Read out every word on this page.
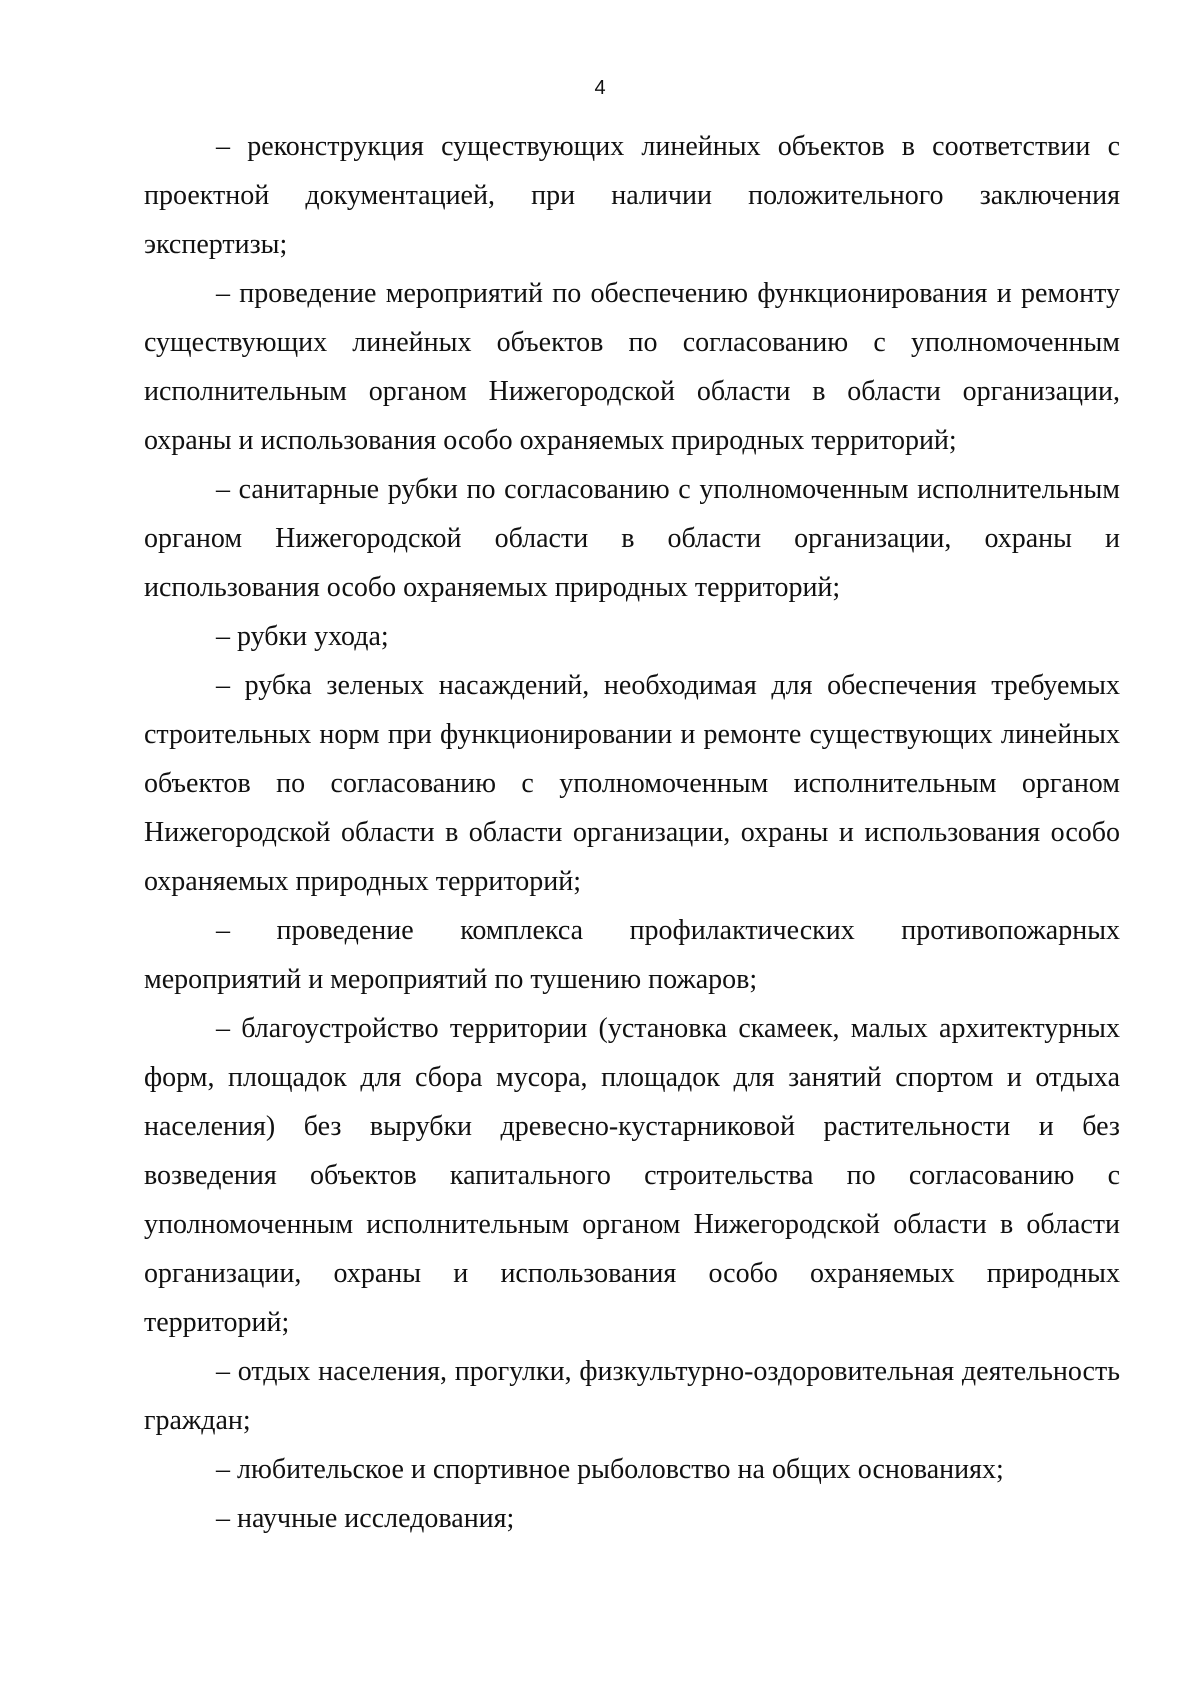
4

– реконструкция существующих линейных объектов в соответствии с проектной документацией, при наличии положительного заключения экспертизы;

– проведение мероприятий по обеспечению функционирования и ремонту существующих линейных объектов по согласованию с уполномоченным исполнительным органом Нижегородской области в области организации, охраны и использования особо охраняемых природных территорий;

– санитарные рубки по согласованию с уполномоченным исполнительным органом Нижегородской области в области организации, охраны и использования особо охраняемых природных территорий;

– рубки ухода;

– рубка зеленых насаждений, необходимая для обеспечения требуемых строительных норм при функционировании и ремонте существующих линейных объектов по согласованию с уполномоченным исполнительным органом Нижегородской области в области организации, охраны и использования особо охраняемых природных территорий;

– проведение комплекса профилактических противопожарных мероприятий и мероприятий по тушению пожаров;

– благоустройство территории (установка скамеек, малых архитектурных форм, площадок для сбора мусора, площадок для занятий спортом и отдыха населения) без вырубки древесно-кустарниковой растительности и без возведения объектов капитального строительства по согласованию с уполномоченным исполнительным органом Нижегородской области в области организации, охраны и использования особо охраняемых природных территорий;

– отдых населения, прогулки, физкультурно-оздоровительная деятельность граждан;

– любительское и спортивное рыболовство на общих основаниях;

– научные исследования;
